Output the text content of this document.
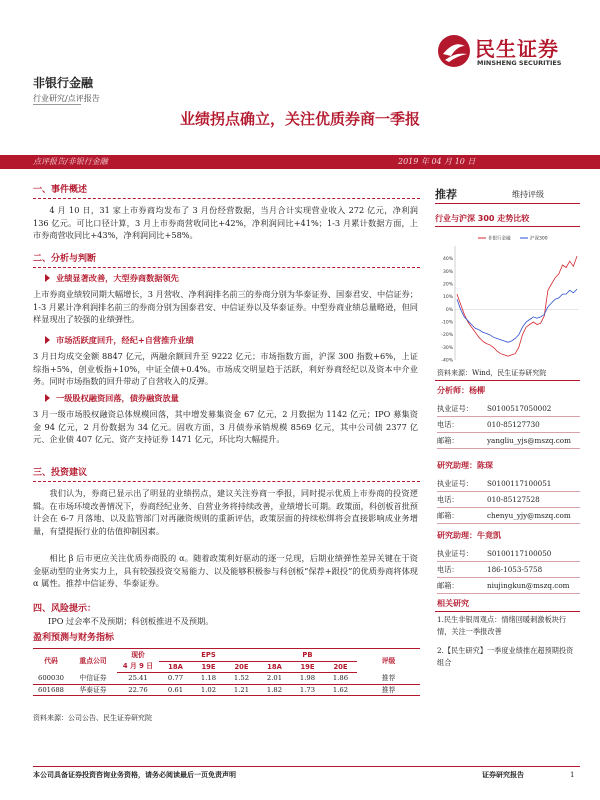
民生证券
MINSHENG SECURITIES
非银行金融
行业研究/点评报告
业绩拐点确立，关注优质券商一季报
点评报告/非银行金融	2019 年 04 月 10 日
一、事件概述
4 月 10 日，31 家上市券商均发布了 3 月份经营数据，当月合计实现营业收入 272 亿元，净利润 136 亿元。可比口径计算，3 月上市券商营收同比+42%，净利润同比+41%；1-3 月累计数据方面，上市券商营收同比+43%，净利润同比+58%。
二、分析与判断
业绩显著改善，大型券商数据领先
上市券商业绩较同期大幅增长，3 月营收、净利润排名前三的券商分别为华泰证券、国泰君安、中信证券；1-3 月累计净利润排名前三的券商分别为国泰君安、中信证券以及华泰证券。中型券商业绩总量略逊，但同样显现出了较强的业绩弹性。
市场活跃度回升，经纪+自营推升业绩
3 月日均成交金额 8847 亿元，两融余额回升至 9222 亿元；市场指数方面，沪深 300 指数+6%，上证综指+5%，创业板指+10%，中证全债+0.4%。市场成交明显趋于活跃，利好券商经纪以及资本中介业务。同时市场指数的回升带动了自营收入的反弹。
一级股权融资回落，债券融资放量
3 月一级市场股权融资总体规模回落，其中增发募集资金 67 亿元，2 月数据为 1142 亿元；IPO 募集资金 94 亿元，2 月份数据为 34 亿元。固收方面，3 月债券承销规模 8569 亿元，其中公司债 2377 亿元、企业债 407 亿元、资产支持证券 1471 亿元，环比均大幅提升。
三、投资建议
我们认为，券商已显示出了明显的业绩拐点，建议关注券商一季报，同时提示优质上市券商的投资逻辑。在市场环境改善情况下，券商经纪业务、自营业务将持续改善，业绩增长可期。政策面，科创板首批预计会在 6-7 月落地、以及监管部门对再融资规则的重新评估，政策层面的持续松绑将会直接影响成业务增量，有望提振行业的估值抑制因素。
相比 β 后市更应关注优质券商股的 α。随着政策利好驱动的逐一兑现，后期业绩弹性差异关键在于资金驱动型的业务实力上，具有较强投资交易能力、以及能够积极参与科创板“保荐+跟投”的优质券商将体现 α 属性。推荐中信证券、华泰证券。
四、风险提示：
IPO 过会率不及预期；科创板推进不及预期。
盈利预测与财务指标
代码	重点公司	现价	EPS			PB			评级
		4 月 9 日	18A	19E	20E	18A	19E	20E	
600030	中信证券	25.41	0.77	1.18	1.52	2.01	1.98	1.86	推荐
601688	华泰证券	22.76	0.61	1.02	1.21	1.82	1.73	1.62	推荐
资料来源：公司公告、民生证券研究院
推荐	维持评级
行业与沪深 300 走势比较
40%
30%
20%
10%
0%
-10%
-20%
-30%
-40%
非银行金融	沪深300
资料来源：Wind，民生证券研究院
分析师：杨柳
执业证号： S0100517050002
电话：	010-85127730
邮箱：	yangliu_yjs@mszq.com
研究助理：陈琛
执业证号： S0100117100051
电话：	010-85127528
邮箱：	chenyu_yjy@mszq.com
研究助理：牛竟凯
执业证号： S0100117100050
电话：	186-1053-5758
邮箱：	niujingkun@mszq.com
相关研究
1.民生非银周观点：情绪回暖刺激板块行情，关注一季报改善
2.【民生研究】一季度业绩推在超预期投资组合
本公司具备证券投资咨询业务资格，请务必阅读最后一页免责声明	证券研究报告	1
